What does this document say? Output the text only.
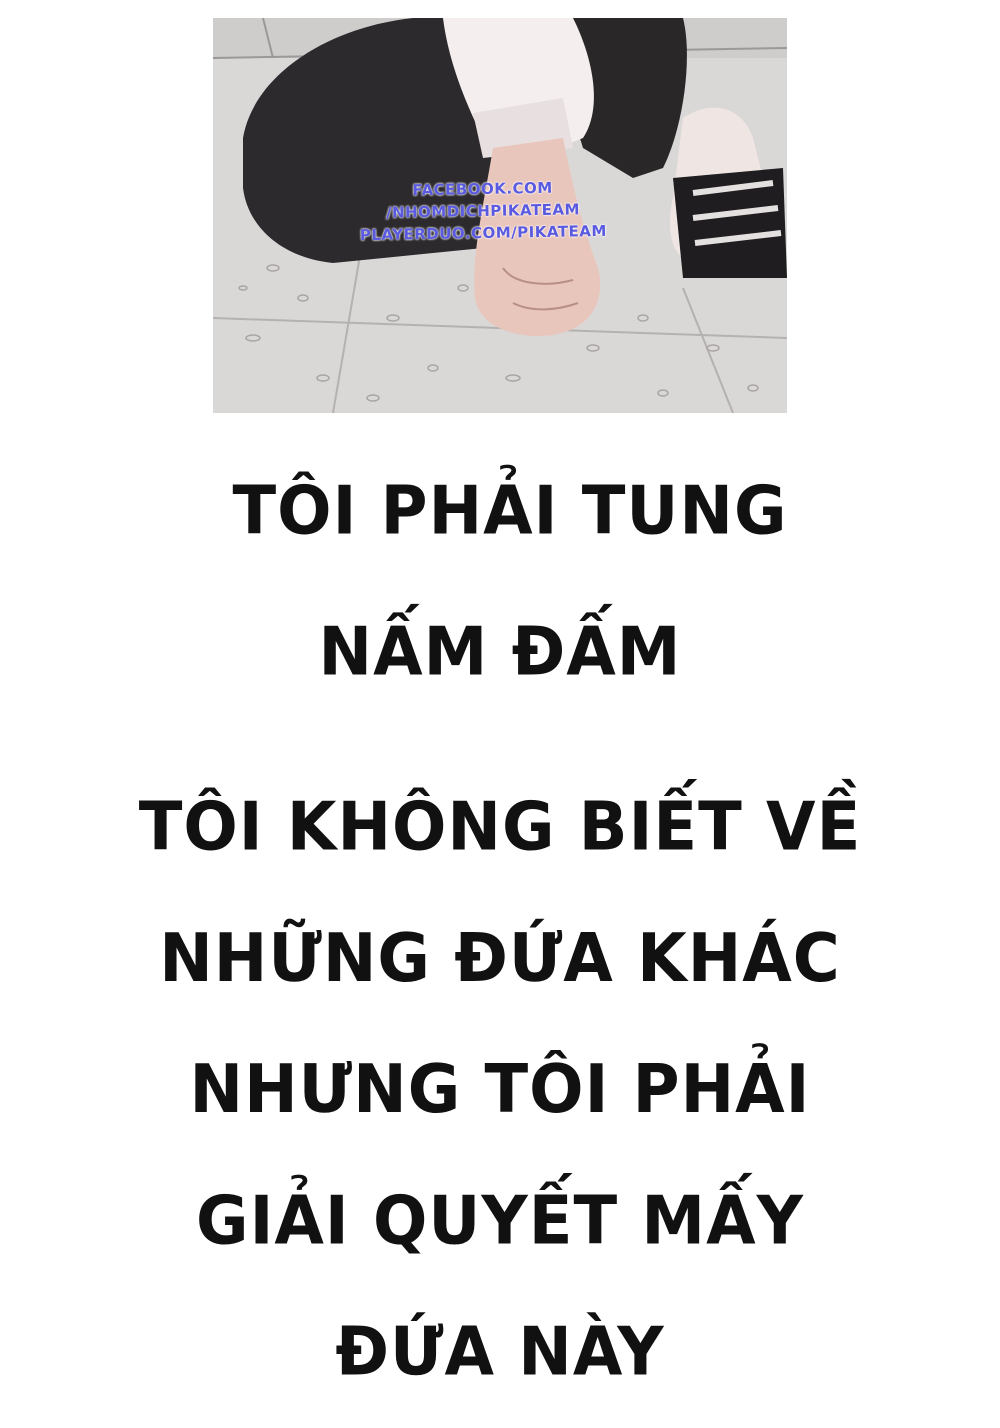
FACEBOOK.COM
/NHOMDICHPIKATEAM
PLAYERDUO.COM/PIKATEAM
TÔI PHẢI TUNG
NẤM ĐẤM
TÔI KHÔNG BIẾT VỀ
NHỮNG ĐỨA KHÁC
NHƯNG TÔI PHẢI
GIẢI QUYẾT MẤY
ĐỨA NÀY
